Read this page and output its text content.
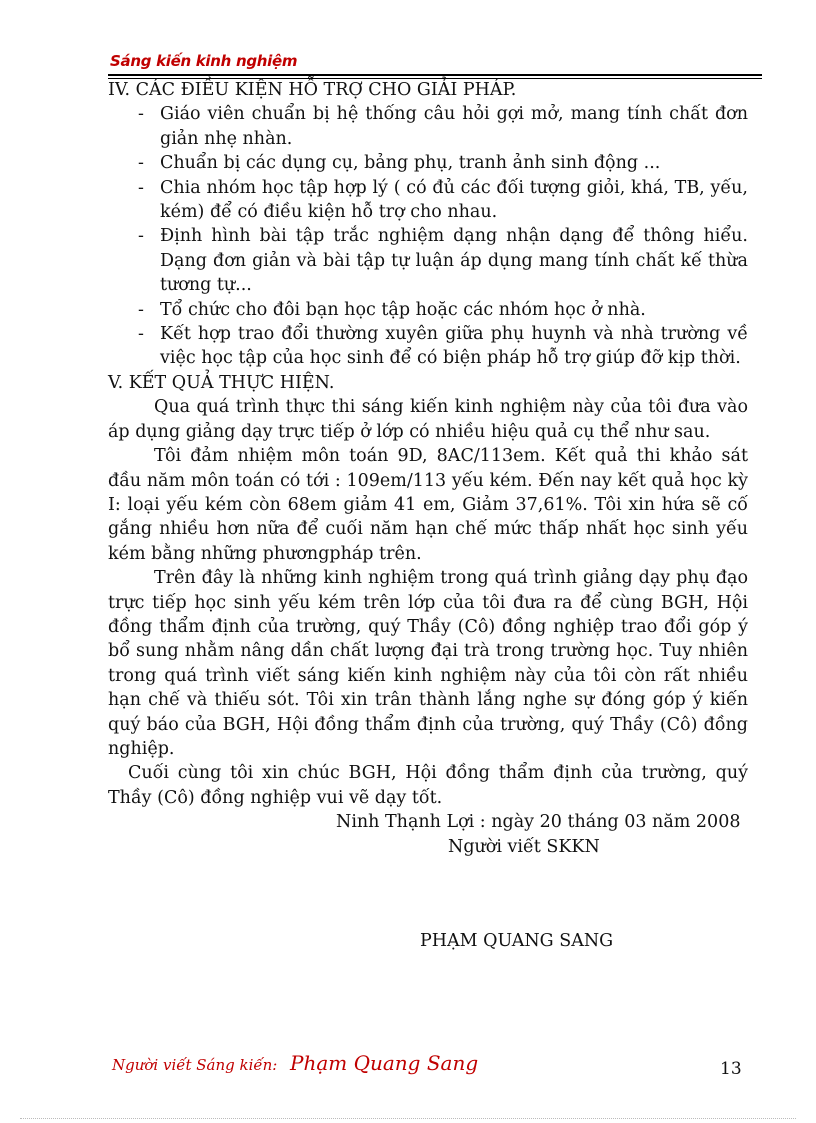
Sáng kiến kinh nghiệm

IV. CÁC ĐIỀU KIỆN HỖ TRỢ CHO GIẢI PHÁP.

- Giáo viên chuẩn bị hệ thống câu hỏi gợi mở, mang tính chất đơn giản nhẹ nhàn.
- Chuẩn bị các dụng cụ, bảng phụ, tranh ảnh sinh động ...
- Chia nhóm học tập hợp lý ( có đủ các đối tượng giỏi, khá, TB, yếu, kém) để có điều kiện hỗ trợ cho nhau.
- Định hình bài tập trắc nghiệm dạng nhận dạng để thông hiểu. Dạng đơn giản và bài tập tự luận áp dụng mang tính chất kế thừa tương tự...
- Tổ chức cho đôi bạn học tập hoặc các nhóm học ở nhà.
- Kết hợp trao đổi thường xuyên giữa phụ huynh và nhà trường về việc học tập của học sinh để có biện pháp hỗ trợ giúp đỡ kịp thời.

V. KẾT QUẢ THỰC HIỆN.

Qua quá trình thực thi sáng kiến kinh nghiệm này của tôi đưa vào áp dụng giảng dạy trực tiếp ở lớp có nhiều hiệu quả cụ thể như sau.

Tôi đảm nhiệm môn toán 9D, 8AC/113em. Kết quả thi khảo sát đầu năm môn toán có tới : 109em/113 yếu kém. Đến nay kết quả học kỳ I: loại yếu kém còn 68em giảm 41 em, Giảm 37,61%. Tôi xin hứa sẽ cố gắng nhiều hơn nữa để cuối năm hạn chế mức thấp nhất học sinh yếu kém bằng những phươngpháp trên.

Trên đây là những kinh nghiệm trong quá trình giảng dạy phụ đạo trực tiếp học sinh yếu kém trên lớp của tôi đưa ra để cùng BGH, Hội đồng thẩm định của trường, quý Thầy (Cô) đồng nghiệp trao đổi góp ý bổ sung nhằm nâng dần chất lượng đại trà trong trường học. Tuy nhiên trong quá trình viết sáng kiến kinh nghiệm này của tôi còn rất nhiều hạn chế và thiếu sót. Tôi xin trân thành lắng nghe sự đóng góp ý kiến quý báo của BGH, Hội đồng thẩm định của trường, quý Thầy (Cô) đồng nghiệp.

Cuối cùng tôi xin chúc BGH, Hội đồng thẩm định của trường, quý Thầy (Cô) đồng nghiệp vui vẽ dạy tốt.

Ninh Thạnh Lợi : ngày 20 tháng 03 năm 2008

Người viết SKKN

PHẠM QUANG SANG

Người viết Sáng kiến: Phạm Quang Sang	13
